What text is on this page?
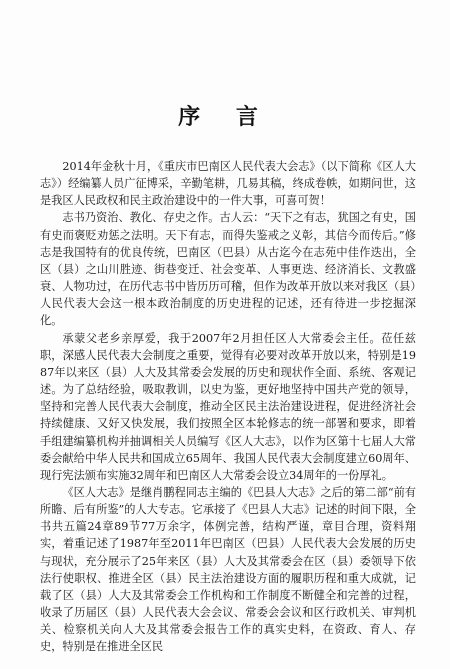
序 言

2014年金秋十月，《重庆市巴南区人民代表大会志》（以下简称《区人大志》）经编纂人员广征博采，辛勤笔耕，几易其稿，终成卷帙，如期问世，这是我区人民政权和民主政治建设中的一件大事，可喜可贺！

志书乃资治、教化、存史之作。古人云：“天下之有志，犹国之有史，国有史而褒贬劝惩之法明。天下有志，而得失鉴戒之义彰，其信今而传后。”修志是我国特有的优良传统，巴南区（巴县）从古迄今在志苑中佳作迭出，全区（县）之山川胜迹、街巷变迁、社会变革、人事更迭、经济消长、文教盛衰、人物功过，在历代志书中皆历历可稽，但作为改革开放以来对我区（县）人民代表大会这一根本政治制度的历史进程的记述，还有待进一步挖掘深化。

承蒙父老乡亲厚爱，我于2007年2月担任区人大常委会主任。莅任兹职，深感人民代表大会制度之重要，觉得有必要对改革开放以来，特别是1987年以来区（县）人大及其常委会发展的历史和现状作全面、系统、客观记述。为了总结经验，吸取教训，以史为鉴，更好地坚持中国共产党的领导，坚持和完善人民代表大会制度，推动全区民主法治建设进程，促进经济社会持续健康、又好又快发展，我们按照全区本轮修志的统一部署和要求，即着手组建编纂机构并抽调相关人员编写《区人大志》，以作为区第十七届人大常委会献给中华人民共和国成立65周年、我国人民代表大会制度建立60周年、现行宪法颁布实施32周年和巴南区人大常委会设立34周年的一份厚礼。

《区人大志》是继肖鹏程同志主编的《巴县人大志》之后的第二部“前有所瞻、后有所鉴”的人大专志。它承接了《巴县人大志》记述的时间下限，全书共五篇24章89节77万余字，体例完善，结构严谨，章目合理，资料翔实，着重记述了1987年至2011年巴南区（巴县）人民代表大会发展的历史与现状，充分展示了25年来区（县）人大及其常委会在区（县）委领导下依法行使职权、推进全区（县）民主法治建设方面的履职历程和重大成就，记载了区（县）人大及其常委会工作机构和工作制度不断健全和完善的过程，收录了历届区（县）人民代表大会会议、常委会会议和区行政机关、审判机关、检察机关向人大及其常委会报告工作的真实史料，在资政、育人、存史，特别是在推进全区民
